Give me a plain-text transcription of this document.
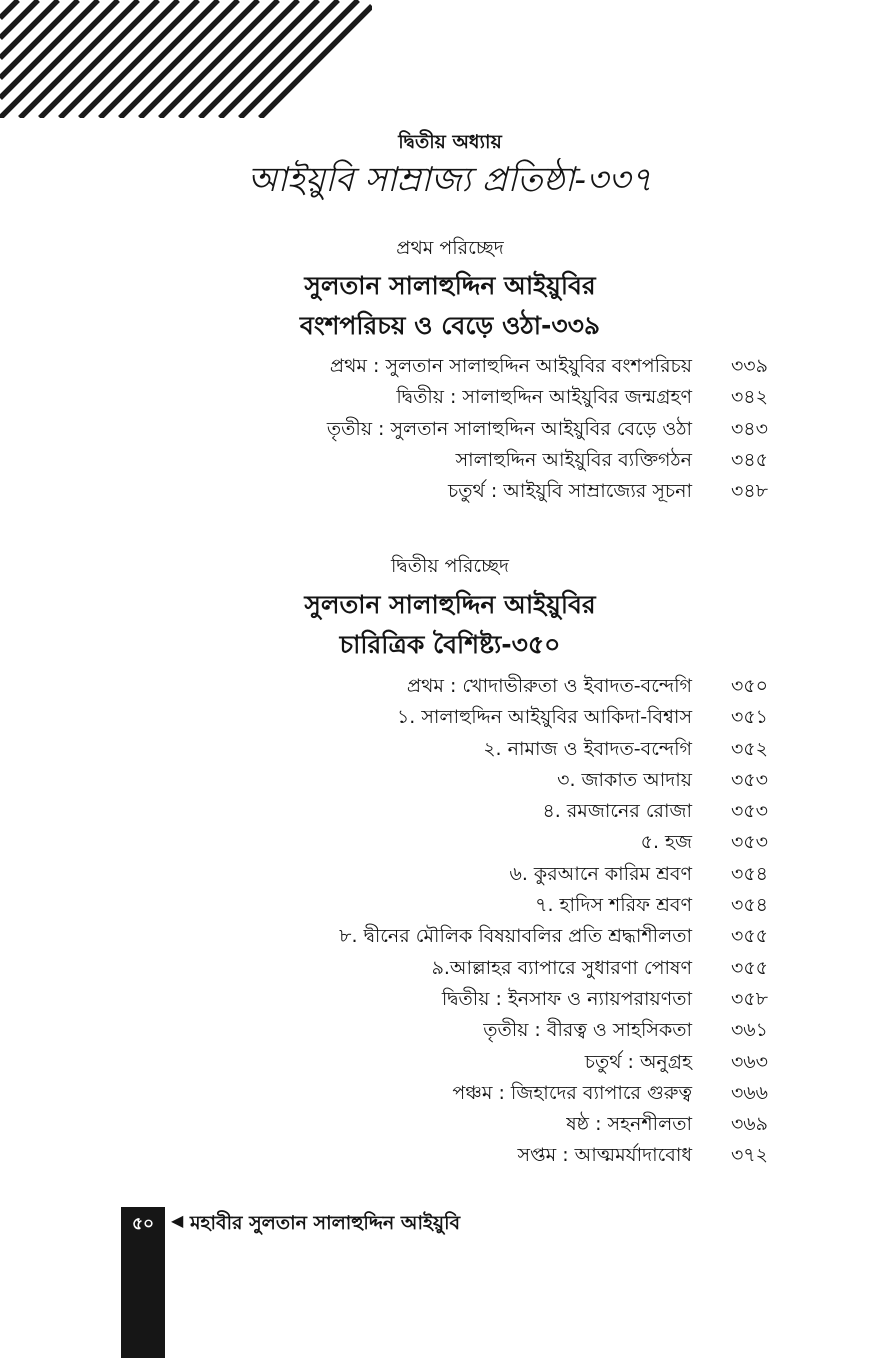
দ্বিতীয় অধ্যায়
আইয়ুবি সাম্রাজ্য প্রতিষ্ঠা-৩৩৭
প্রথম পরিচ্ছেদ
সুলতান সালাহুদ্দিন আইয়ুবির
বংশপরিচয় ও বেড়ে ওঠা-৩৩৯
প্রথম : সুলতান সালাহুদ্দিন আইয়ুবির বংশপরিচয়	৩৩৯
দ্বিতীয় : সালাহুদ্দিন আইয়ুবির জন্মগ্রহণ	৩৪২
তৃতীয় : সুলতান সালাহুদ্দিন আইয়ুবির বেড়ে ওঠা	৩৪৩
সালাহুদ্দিন আইয়ুবির ব্যক্তিগঠন	৩৪৫
চতুর্থ : আইয়ুবি সাম্রাজ্যের সূচনা	৩৪৮
দ্বিতীয় পরিচ্ছেদ
সুলতান সালাহুদ্দিন আইয়ুবির
চারিত্রিক বৈশিষ্ট্য-৩৫০
প্রথম : খোদাভীরুতা ও ইবাদত-বন্দেগি	৩৫০
১. সালাহুদ্দিন আইয়ুবির আকিদা-বিশ্বাস	৩৫১
২. নামাজ ও ইবাদত-বন্দেগি	৩৫২
৩. জাকাত আদায়	৩৫৩
৪. রমজানের রোজা	৩৫৩
৫. হজ	৩৫৩
৬. কুরআনে কারিম শ্রবণ	৩৫৪
৭. হাদিস শরিফ শ্রবণ	৩৫৪
৮. দ্বীনের মৌলিক বিষয়াবলির প্রতি শ্রদ্ধাশীলতা	৩৫৫
৯.আল্লাহর ব্যাপারে সুধারণা পোষণ	৩৫৫
দ্বিতীয় : ইনসাফ ও ন্যায়পরায়ণতা	৩৫৮
তৃতীয় : বীরত্ব ও সাহসিকতা	৩৬১
চতুর্থ : অনুগ্রহ	৩৬৩
পঞ্চম : জিহাদের ব্যাপারে গুরুত্ব	৩৬৬
ষষ্ঠ : সহনশীলতা	৩৬৯
সপ্তম : আত্মমর্যাদাবোধ	৩৭২
৫০	◀ মহাবীর সুলতান সালাহুদ্দিন আইয়ুবি
